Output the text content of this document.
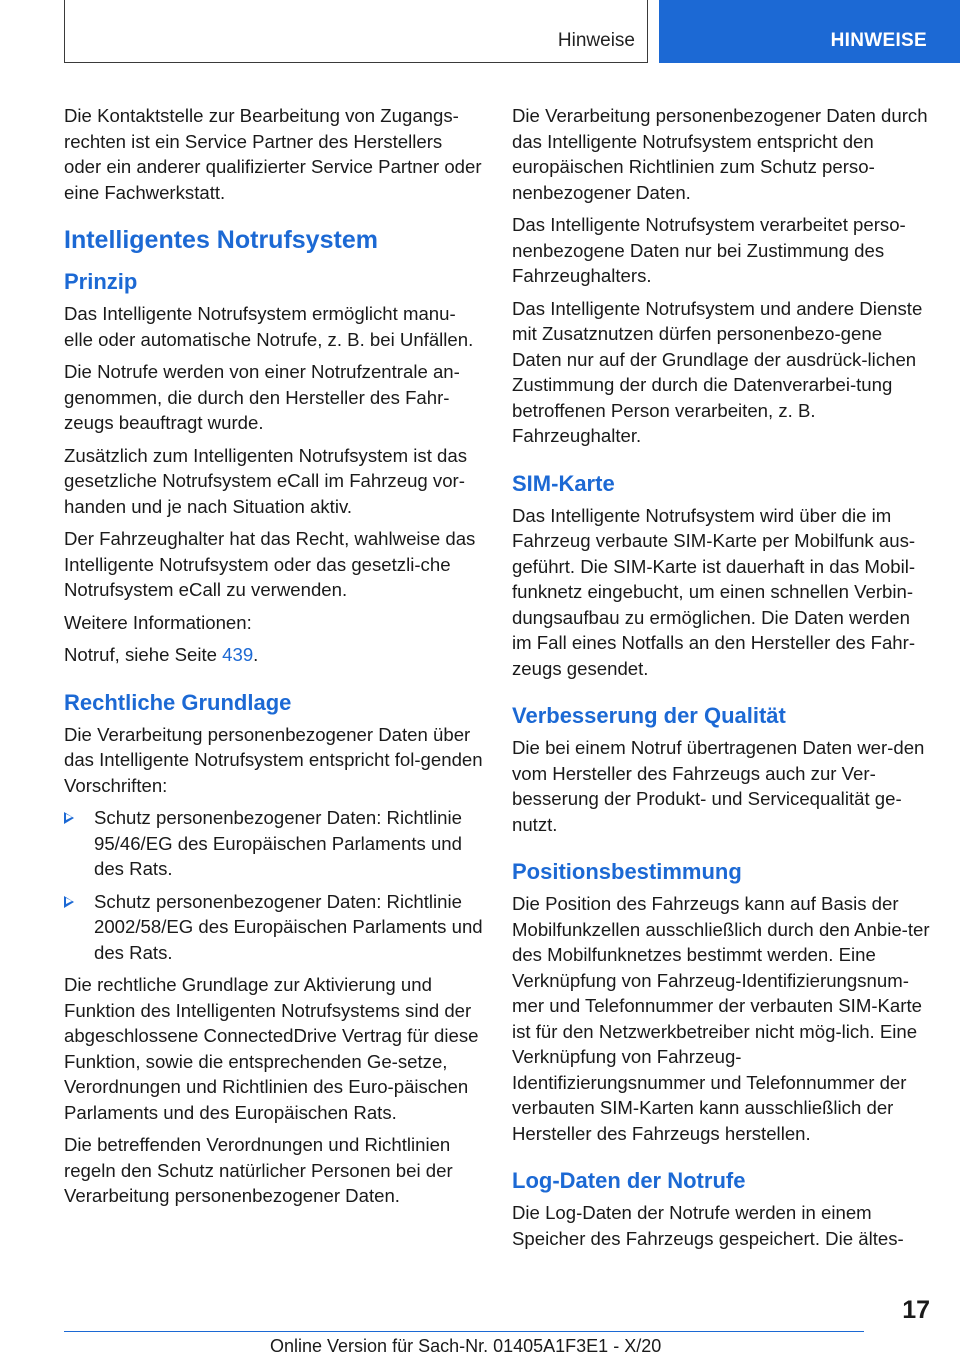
Hinweise	HINWEISE

Die Kontaktstelle zur Bearbeitung von Zugangs-rechten ist ein Service Partner des Herstellers oder ein anderer qualifizierter Service Partner oder eine Fachwerkstatt.

Intelligentes Notrufsystem
Prinzip

Das Intelligente Notrufsystem ermöglicht manu-elle oder automatische Notrufe, z. B. bei Unfällen.

Die Notrufe werden von einer Notrufzentrale an-genommen, die durch den Hersteller des Fahr-zeugs beauftragt wurde.

Zusätzlich zum Intelligenten Notrufsystem ist das gesetzliche Notrufsystem eCall im Fahrzeug vor-handen und je nach Situation aktiv.

Der Fahrzeughalter hat das Recht, wahlweise das Intelligente Notrufsystem oder das gesetzli-che Notrufsystem eCall zu verwenden.

Weitere Informationen:

Notruf, siehe Seite 439.

Rechtliche Grundlage

Die Verarbeitung personenbezogener Daten über das Intelligente Notrufsystem entspricht fol-genden Vorschriften:

Schutz personenbezogener Daten: Richtlinie 95/46/EG des Europäischen Parlaments und des Rats.
Schutz personenbezogener Daten: Richtlinie 2002/58/EG des Europäischen Parlaments und des Rats.

Die rechtliche Grundlage zur Aktivierung und Funktion des Intelligenten Notrufsystems sind der abgeschlossene ConnectedDrive Vertrag für diese Funktion, sowie die entsprechenden Ge-setze, Verordnungen und Richtlinien des Euro-päischen Parlaments und des Europäischen Rats.

Die betreffenden Verordnungen und Richtlinien regeln den Schutz natürlicher Personen bei der Verarbeitung personenbezogener Daten.

Die Verarbeitung personenbezogener Daten durch das Intelligente Notrufsystem entspricht den europäischen Richtlinien zum Schutz perso-nenbezogener Daten.

Das Intelligente Notrufsystem verarbeitet perso-nenbezogene Daten nur bei Zustimmung des Fahrzeughalters.

Das Intelligente Notrufsystem und andere Dienste mit Zusatznutzen dürfen personenbezo-gene Daten nur auf der Grundlage der ausdrück-lichen Zustimmung der durch die Datenverarbei-tung betroffenen Person verarbeiten, z. B. Fahrzeughalter.

SIM-Karte

Das Intelligente Notrufsystem wird über die im Fahrzeug verbaute SIM-Karte per Mobilfunk aus-geführt. Die SIM-Karte ist dauerhaft in das Mobil-funknetz eingebucht, um einen schnellen Verbin-dungsaufbau zu ermöglichen. Die Daten werden im Fall eines Notfalls an den Hersteller des Fahr-zeugs gesendet.

Verbesserung der Qualität

Die bei einem Notruf übertragenen Daten wer-den vom Hersteller des Fahrzeugs auch zur Ver-besserung der Produkt- und Servicequalität ge-nutzt.

Positionsbestimmung

Die Position des Fahrzeugs kann auf Basis der Mobilfunkzellen ausschließlich durch den Anbie-ter des Mobilfunknetzes bestimmt werden. Eine Verknüpfung von Fahrzeug-Identifizierungsnum-mer und Telefonnummer der verbauten SIM-Karte ist für den Netzwerkbetreiber nicht mög-lich. Eine Verknüpfung von Fahrzeug-Identifizierungsnummer und Telefonnummer der verbauten SIM-Karten kann ausschließlich der Hersteller des Fahrzeugs herstellen.

Log-Daten der Notrufe

Die Log-Daten der Notrufe werden in einem Speicher des Fahrzeugs gespeichert. Die ältes-

17
Online Version für Sach-Nr. 01405A1F3E1 - X/20
